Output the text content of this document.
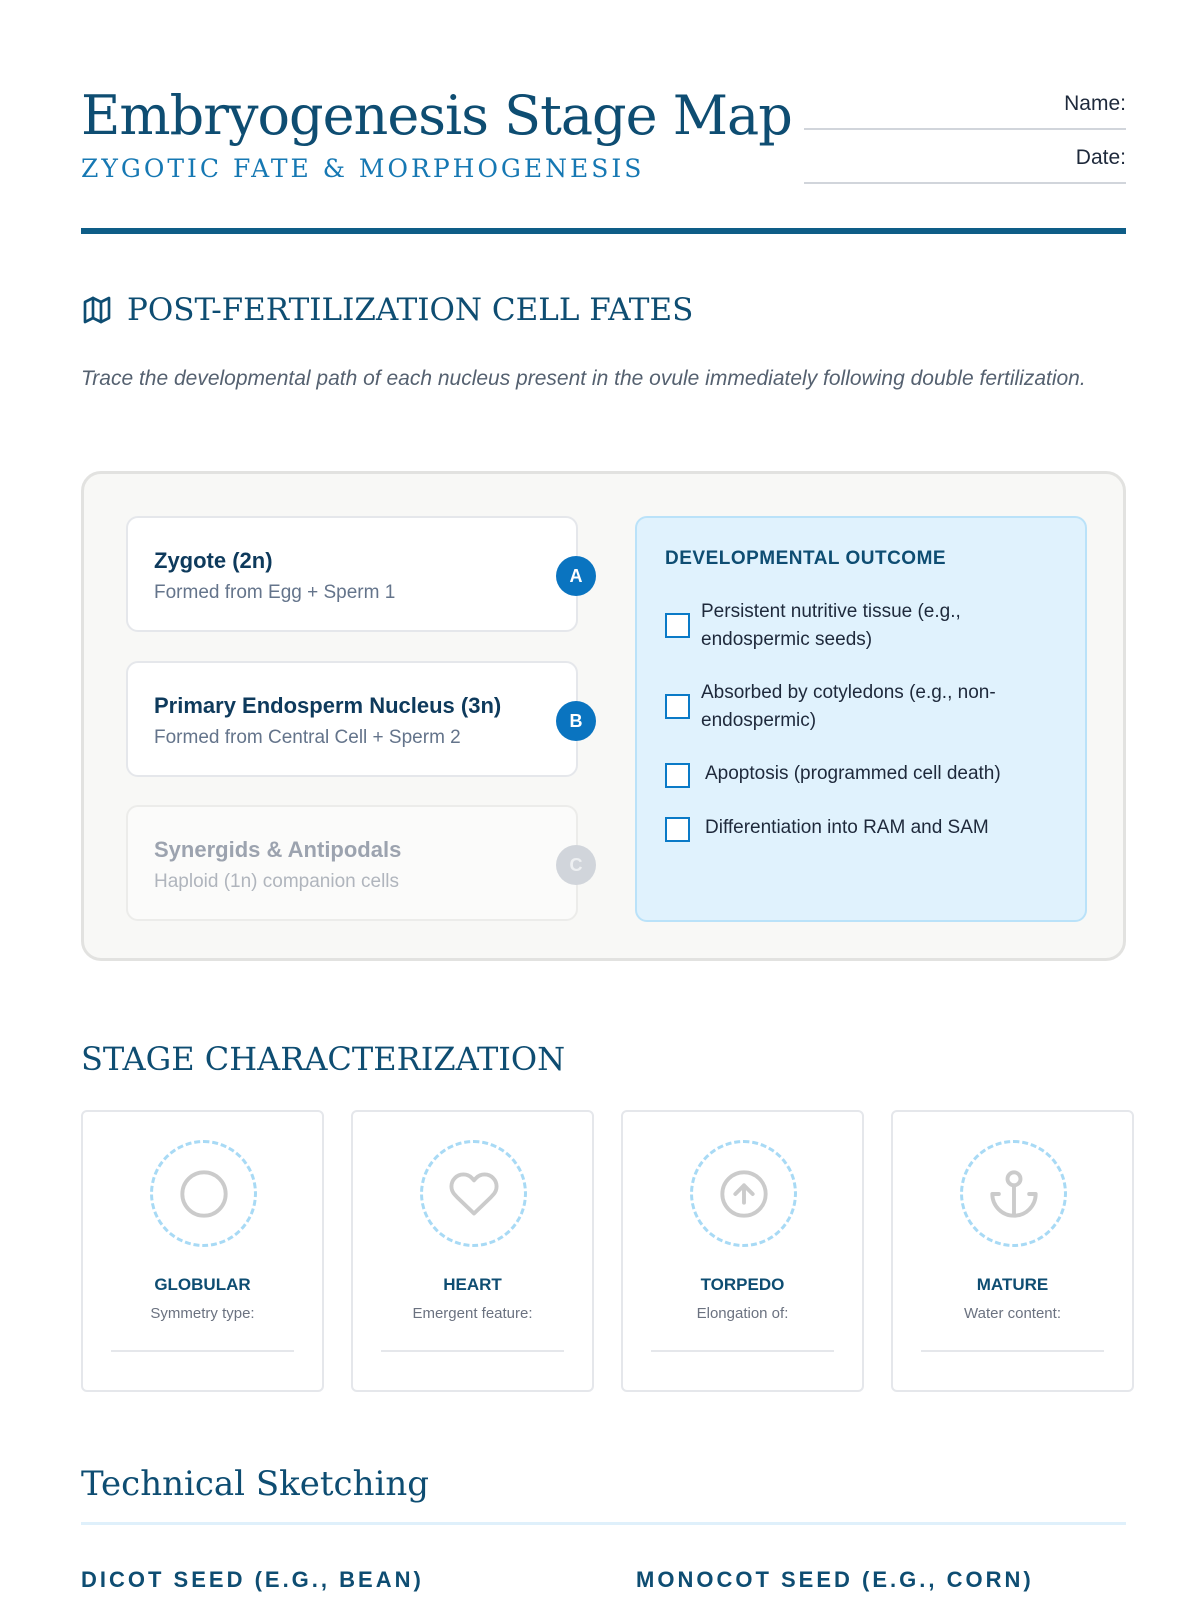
Embryogenesis Stage Map
ZYGOTIC FATE & MORPHOGENESIS
Name:
Date:
POST-FERTILIZATION CELL FATES
Trace the developmental path of each nucleus present in the ovule immediately following double fertilization.
Zygote (2n)
Formed from Egg + Sperm 1
A
Primary Endosperm Nucleus (3n)
Formed from Central Cell + Sperm 2
B
Synergids & Antipodals
Haploid (1n) companion cells
C
DEVELOPMENTAL OUTCOME
Persistent nutritive tissue (e.g., endospermic seeds)
Absorbed by cotyledons (e.g., non-endospermic)
Apoptosis (programmed cell death)
Differentiation into RAM and SAM
STAGE CHARACTERIZATION
GLOBULAR
Symmetry type:
HEART
Emergent feature:
TORPEDO
Elongation of:
MATURE
Water content:
Technical Sketching
DICOT SEED (E.G., BEAN)	MONOCOT SEED (E.G., CORN)
